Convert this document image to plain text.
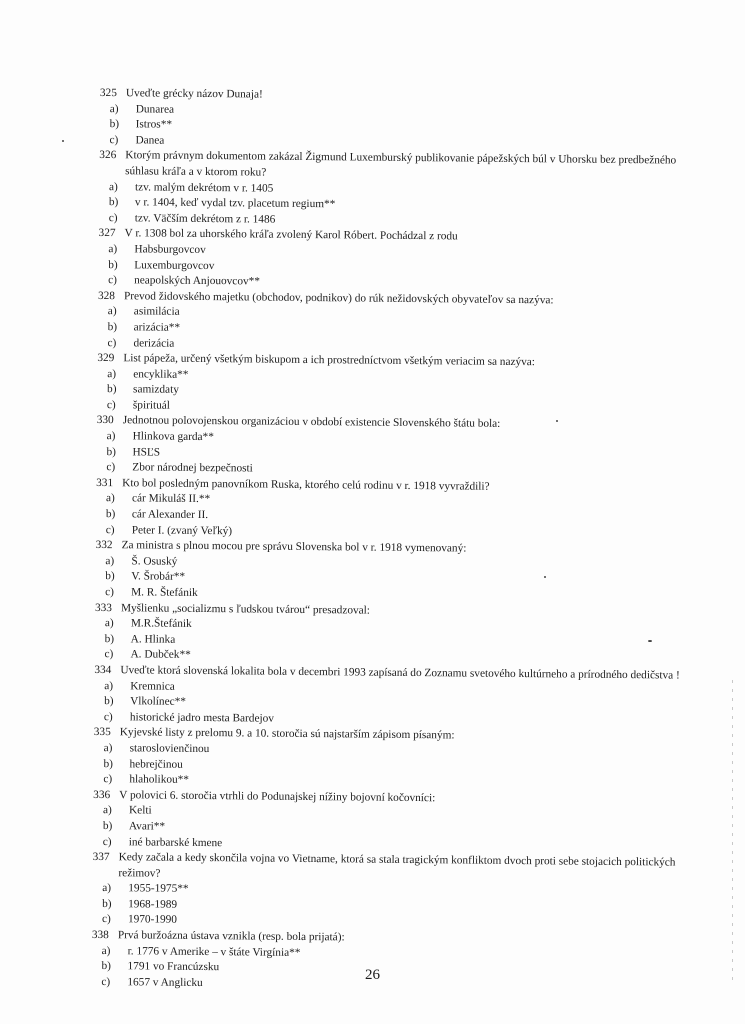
325 Uveďte grécky názov Dunaja!
a)	Dunarea
b)	Istros**
c)	Danea
326 Ktorým právnym dokumentom zakázal Žigmund Luxemburský publikovanie pápežských búl v Uhorsku bez predbežného súhlasu kráľa a v ktorom roku?
a)	tzv. malým dekrétom v r. 1405
b)	v r. 1404, keď vydal tzv. placetum regium**
c)	tzv. Väčším dekrétom z r. 1486
327 V r. 1308 bol za uhorského kráľa zvolený Karol Róbert. Pochádzal z rodu
a)	Habsburgovcov
b)	Luxemburgovcov
c)	neapolských Anjouovcov**
328 Prevod židovského majetku (obchodov, podnikov) do rúk nežidovských obyvateľov sa nazýva:
a)	asimilácia
b)	arizácia**
c)	derizácia
329 List pápeža, určený všetkým biskupom a ich prostredníctvom všetkým veriacim sa nazýva:
a)	encyklika**
b)	samizdaty
c)	špirituál
330 Jednotnou polovojenskou organizáciou v období existencie Slovenského štátu bola:
a)	Hlinkova garda**
b)	HSĽS
c)	Zbor národnej bezpečnosti
331 Kto bol posledným panovníkom Ruska, ktorého celú rodinu v r. 1918 vyvraždili?
a)	cár Mikuláš II.**
b)	cár Alexander II.
c)	Peter I. (zvaný Veľký)
332 Za ministra s plnou mocou pre správu Slovenska bol v r. 1918 vymenovaný:
a)	Š. Osuský
b)	V. Šrobár**
c)	M. R. Štefánik
333 Myšlienku „socializmu s ľudskou tvárou“ presadzoval:
a)	M.R.Štefánik
b)	A. Hlinka
c)	A. Dubček**
334 Uveďte ktorá slovenská lokalita bola v decembri 1993 zapísaná do Zoznamu svetového kultúrneho a prírodného dedičstva !
a)	Kremnica
b)	Vlkolínec**
c)	historické jadro mesta Bardejov
335 Kyjevské listy z prelomu 9. a 10. storočia sú najstarším zápisom písaným:
a)	staroslovienčinou
b)	hebrejčinou
c)	hlaholikou**
336 V polovici 6. storočia vtrhli do Podunajskej nížiny bojovní kočovníci:
a)	Kelti
b)	Avari**
c)	iné barbarské kmene
337 Kedy začala a kedy skončila vojna vo Vietname, ktorá sa stala tragickým konfliktom dvoch proti sebe stojacich politických režimov?
a)	1955-1975**
b)	1968-1989
c)	1970-1990
338 Prvá buržoázna ústava vznikla (resp. bola prijatá):
a)	r. 1776 v Amerike – v štáte Virgínia**
b)	1791 vo Francúzsku
c)	1657 v Anglicku	26
